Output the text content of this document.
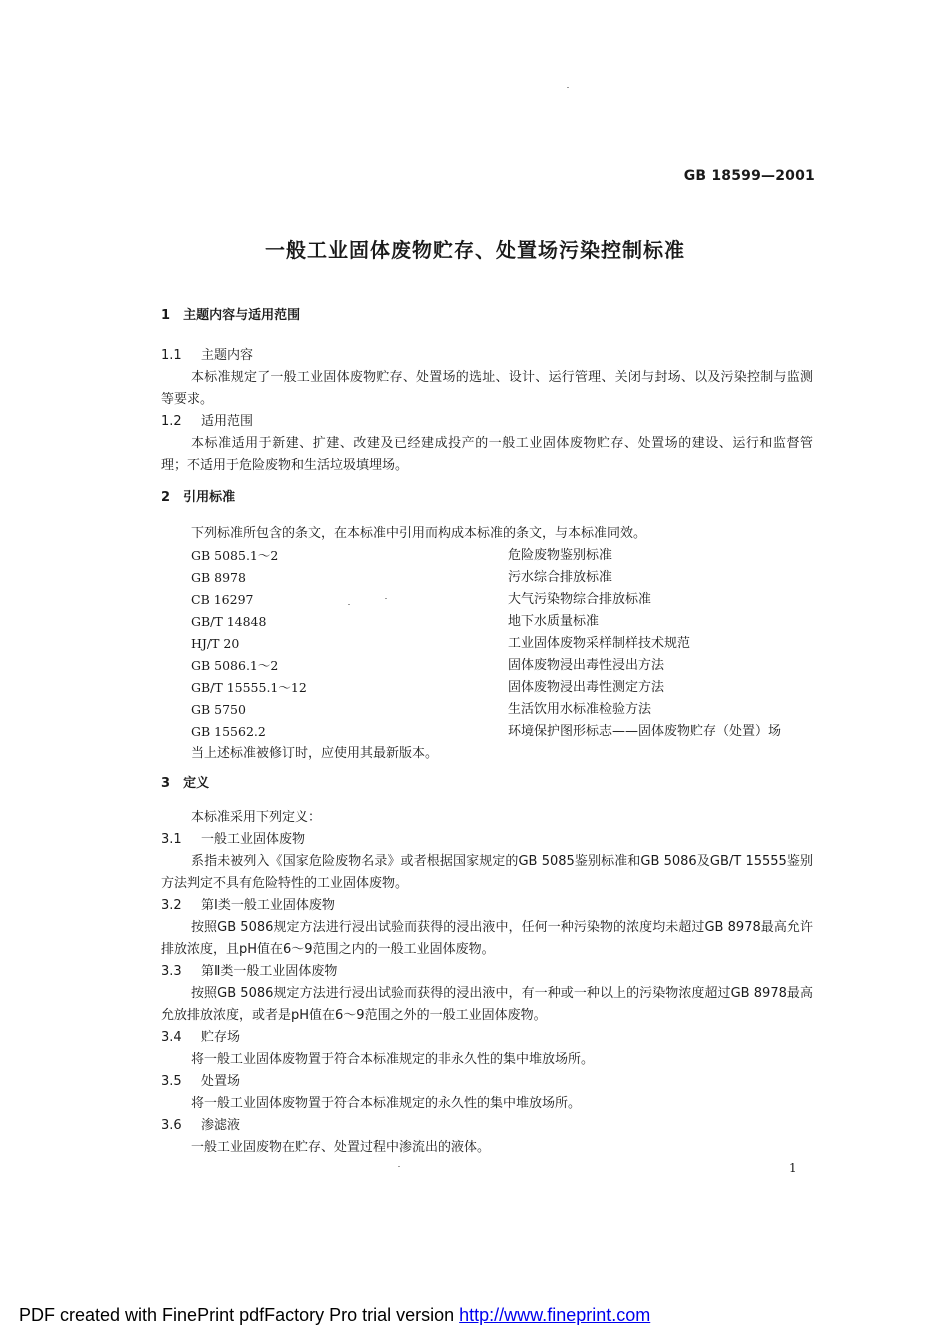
GB 18599—2001
一般工业固体废物贮存、处置场污染控制标准
1 主题内容与适用范围
1.1 主题内容
本标准规定了一般工业固体废物贮存、处置场的选址、设计、运行管理、关闭与封场、以及污染控制与监测等要求。
1.2 适用范围
本标准适用于新建、扩建、改建及已经建成投产的一般工业固体废物贮存、处置场的建设、运行和监督管理；不适用于危险废物和生活垃圾填埋场。
2 引用标准
下列标准所包含的条文，在本标准中引用而构成本标准的条文，与本标准同效。
GB 5085.1～2	危险废物鉴别标准
GB 8978	污水综合排放标准
CB 16297	大气污染物综合排放标准
GB/T 14848	地下水质量标准
HJ/T 20	工业固体废物采样制样技术规范
GB 5086.1～2	固体废物浸出毒性浸出方法
GB/T 15555.1～12	固体废物浸出毒性测定方法
GB 5750	生活饮用水标准检验方法
GB 15562.2	环境保护图形标志——固体废物贮存（处置）场
当上述标准被修订时，应使用其最新版本。
3 定义
本标准采用下列定义：
3.1 一般工业固体废物
系指未被列入《国家危险废物名录》或者根据国家规定的GB 5085鉴别标准和GB 5086及GB/T 15555鉴别方法判定不具有危险特性的工业固体废物。
3.2 第Ⅰ类一般工业固体废物
按照GB 5086规定方法进行浸出试验而获得的浸出液中，任何一种污染物的浓度均未超过GB 8978最高允许排放浓度，且pH值在6～9范围之内的一般工业固体废物。
3.3 第Ⅱ类一般工业固体废物
按照GB 5086规定方法进行浸出试验而获得的浸出液中，有一种或一种以上的污染物浓度超过GB 8978最高允放排放浓度，或者是pH值在6～9范围之外的一般工业固体废物。
3.4 贮存场
将一般工业固体废物置于符合本标准规定的非永久性的集中堆放场所。
3.5 处置场
将一般工业固体废物置于符合本标准规定的永久性的集中堆放场所。
3.6 渗滤液
一般工业固废物在贮存、处置过程中渗流出的液体。
1
PDF created with FinePrint pdfFactory Pro trial version http://www.fineprint.com
